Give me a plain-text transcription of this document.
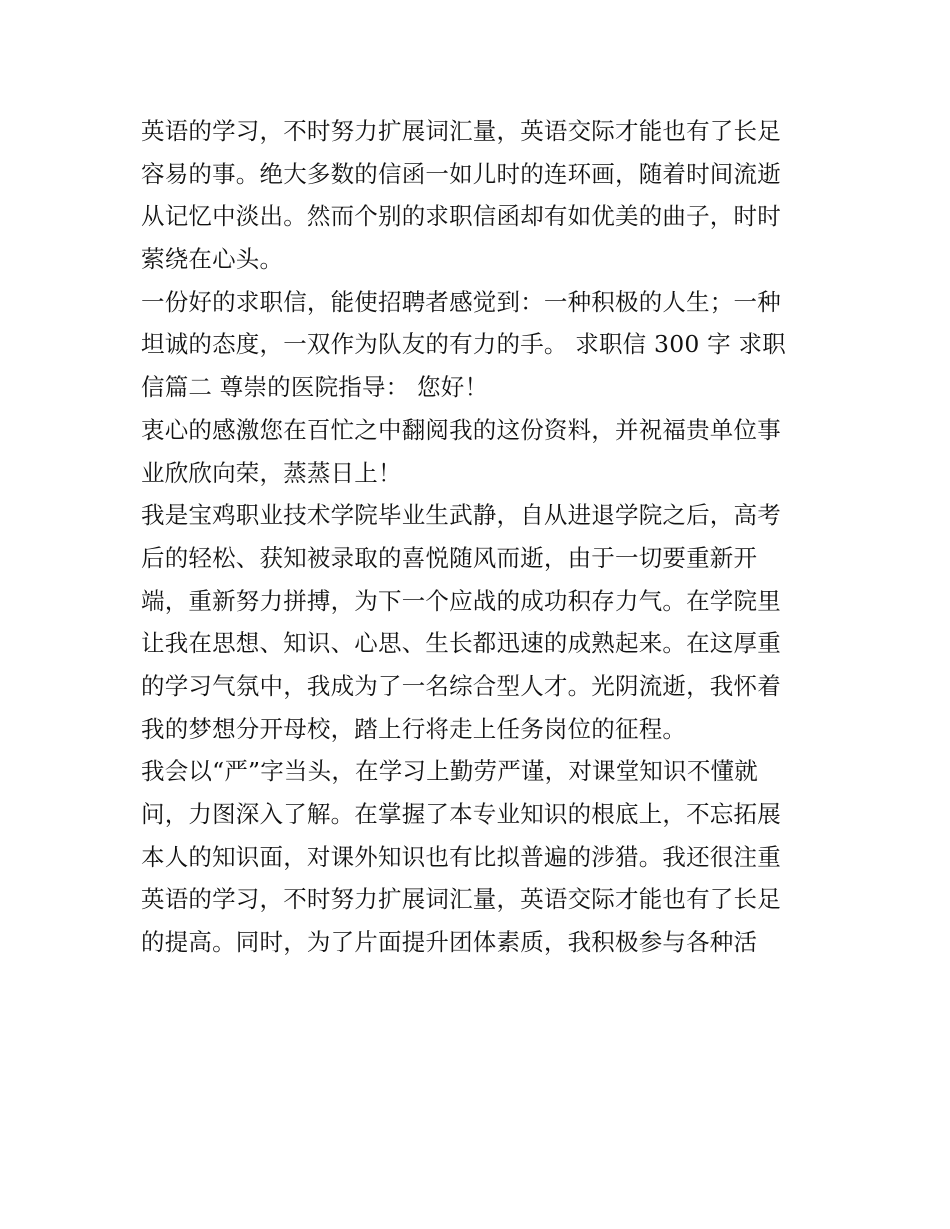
英语的学习，不时努力扩展词汇量，英语交际才能也有了长足
容易的事。绝大多数的信函一如儿时的连环画，随着时间流逝
从记忆中淡出。然而个别的求职信函却有如优美的曲子，时时
萦绕在心头。
一份好的求职信，能使招聘者感觉到：一种积极的人生；一种
坦诚的态度，一双作为队友的有力的手。 求职信 300 字 求职
信篇二 尊崇的医院指导： 您好！
衷心的感激您在百忙之中翻阅我的这份资料，并祝福贵单位事
业欣欣向荣，蒸蒸日上！
我是宝鸡职业技术学院毕业生武静，自从进退学院之后，高考
后的轻松、获知被录取的喜悦随风而逝，由于一切要重新开
端，重新努力拼搏，为下一个应战的成功积存力气。在学院里
让我在思想、知识、心思、生长都迅速的成熟起来。在这厚重
的学习气氛中，我成为了一名综合型人才。光阴流逝，我怀着
我的梦想分开母校，踏上行将走上任务岗位的征程。
我会以“严”字当头，在学习上勤劳严谨，对课堂知识不懂就
问，力图深入了解。在掌握了本专业知识的根底上，不忘拓展
本人的知识面，对课外知识也有比拟普遍的涉猎。我还很注重
英语的学习，不时努力扩展词汇量，英语交际才能也有了长足
的提高。同时，为了片面提升团体素质，我积极参与各种活
